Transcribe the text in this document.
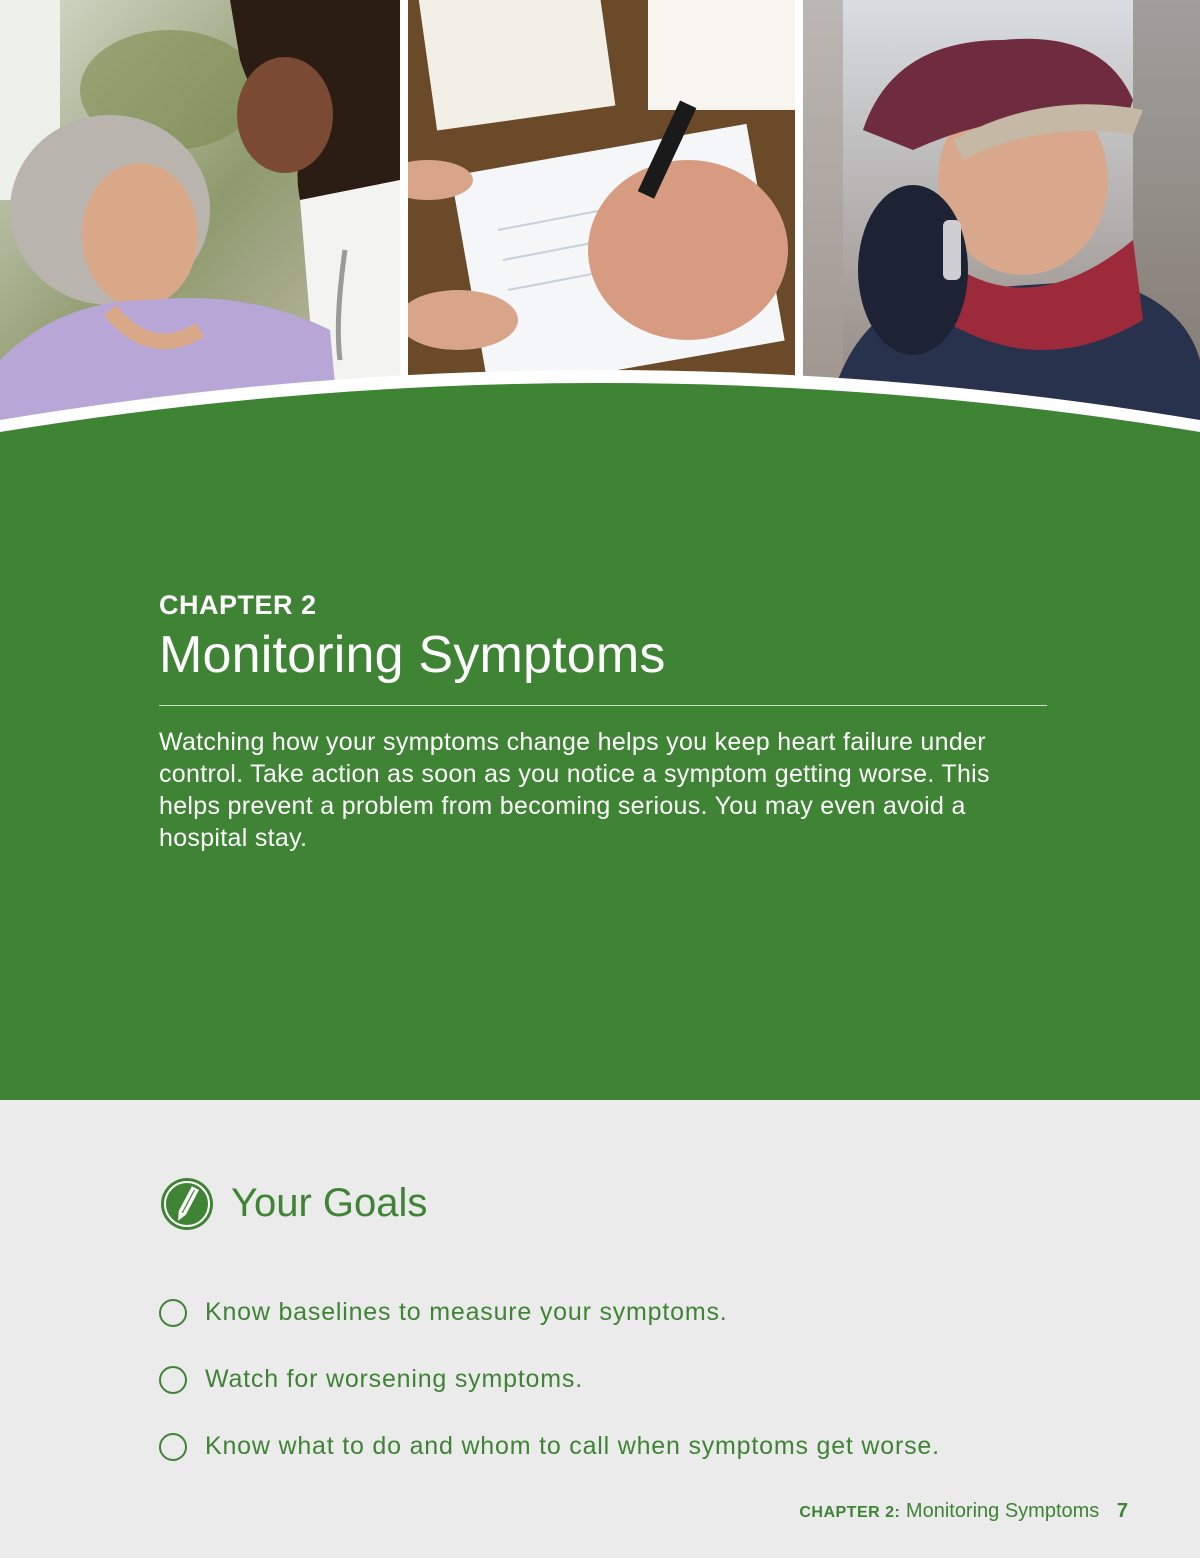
CHAPTER 2

Monitoring Symptoms

Watching how your symptoms change helps you keep heart failure under control. Take action as soon as you notice a symptom getting worse. This helps prevent a problem from becoming serious. You may even avoid a hospital stay.

Your Goals
Know baselines to measure your symptoms.
Watch for worsening symptoms.
Know what to do and whom to call when symptoms get worse.
CHAPTER 2: Monitoring Symptoms 7
